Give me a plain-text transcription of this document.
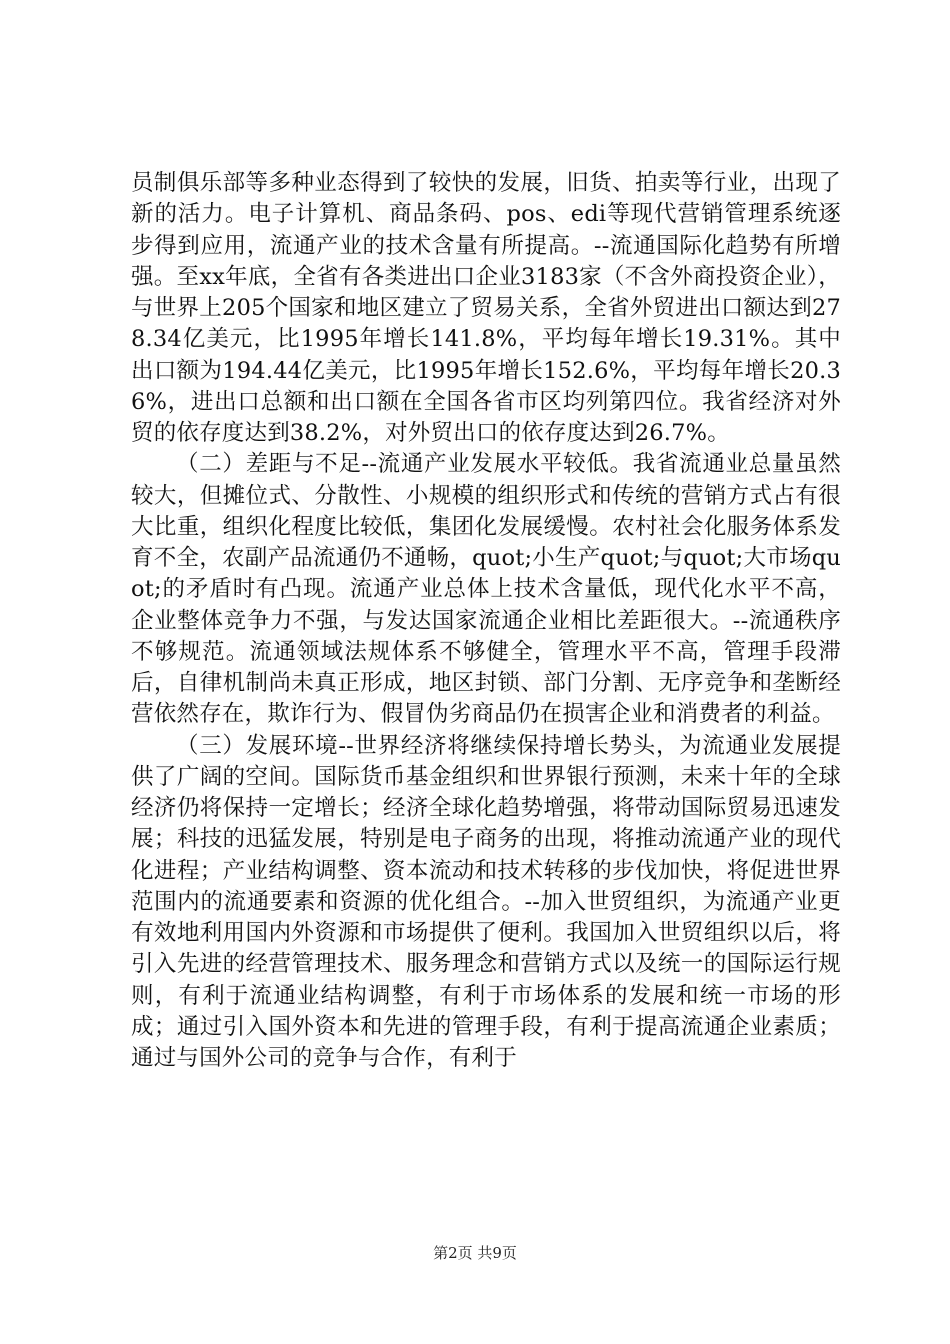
员制俱乐部等多种业态得到了较快的发展，旧货、拍卖等行业，出现了新的活力。电子计算机、商品条码、pos、edi等现代营销管理系统逐步得到应用，流通产业的技术含量有所提高。--流通国际化趋势有所增强。至xx年底，全省有各类进出口企业3183家（不含外商投资企业），与世界上205个国家和地区建立了贸易关系，全省外贸进出口额达到278.34亿美元，比1995年增长141.8%，平均每年增长19.31%。其中出口额为194.44亿美元，比1995年增长152.6%，平均每年增长20.36%，进出口总额和出口额在全国各省市区均列第四位。我省经济对外贸的依存度达到38.2%，对外贸出口的依存度达到26.7%。

（二）差距与不足--流通产业发展水平较低。我省流通业总量虽然较大，但摊位式、分散性、小规模的组织形式和传统的营销方式占有很大比重，组织化程度比较低，集团化发展缓慢。农村社会化服务体系发育不全，农副产品流通仍不通畅，quot;小生产quot;与quot;大市场quot;的矛盾时有凸现。流通产业总体上技术含量低，现代化水平不高，企业整体竞争力不强，与发达国家流通企业相比差距很大。--流通秩序不够规范。流通领域法规体系不够健全，管理水平不高，管理手段滞后，自律机制尚未真正形成，地区封锁、部门分割、无序竞争和垄断经营依然存在，欺诈行为、假冒伪劣商品仍在损害企业和消费者的利益。

（三）发展环境--世界经济将继续保持增长势头，为流通业发展提供了广阔的空间。国际货币基金组织和世界银行预测，未来十年的全球经济仍将保持一定增长；经济全球化趋势增强，将带动国际贸易迅速发展；科技的迅猛发展，特别是电子商务的出现，将推动流通产业的现代化进程；产业结构调整、资本流动和技术转移的步伐加快，将促进世界范围内的流通要素和资源的优化组合。--加入世贸组织，为流通产业更有效地利用国内外资源和市场提供了便利。我国加入世贸组织以后，将引入先进的经营管理技术、服务理念和营销方式以及统一的国际运行规则，有利于流通业结构调整，有利于市场体系的发展和统一市场的形成；通过引入国外资本和先进的管理手段，有利于提高流通企业素质；通过与国外公司的竞争与合作，有利于

第2页 共9页
